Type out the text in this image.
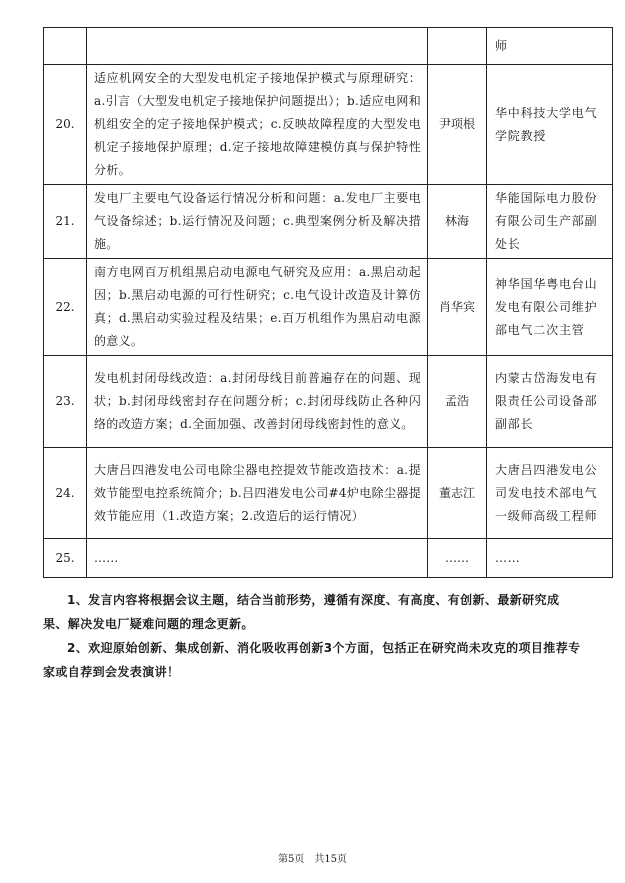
			师
20.	适应机网安全的大型发电机定子接地保护模式与原理研究：a.引言（大型发电机定子接地保护问题提出）；b.适应电网和机组安全的定子接地保护模式；c.反映故障程度的大型发电机定子接地保护原理；d.定子接地故障建模仿真与保护特性分析。	尹项根	华中科技大学电气学院教授
21.	发电厂主要电气设备运行情况分析和问题：a.发电厂主要电气设备综述；b.运行情况及问题；c.典型案例分析及解决措施。	林海	华能国际电力股份有限公司生产部副处长
22.	南方电网百万机组黑启动电源电气研究及应用：a.黑启动起因；b.黑启动电源的可行性研究；c.电气设计改造及计算仿真；d.黑启动实验过程及结果；e.百万机组作为黑启动电源的意义。	肖华宾	神华国华粤电台山发电有限公司维护部电气二次主管
23.	发电机封闭母线改造：a.封闭母线目前普遍存在的问题、现状；b.封闭母线密封存在问题分析；c.封闭母线防止各种闪络的改造方案；d.全面加强、改善封闭母线密封性的意义。	孟浩	内蒙古岱海发电有限责任公司设备部副部长
24.	大唐吕四港发电公司电除尘器电控提效节能改造技术：a.提效节能型电控系统简介；b.吕四港发电公司#4炉电除尘器提效节能应用（1.改造方案；2.改造后的运行情况）	董志江	大唐吕四港发电公司发电技术部电气一级师高级工程师
25.	……	……	……

1、发言内容将根据会议主题，结合当前形势，遵循有深度、有高度、有创新、最新研究成果、解决发电厂疑难问题的理念更新。

2、欢迎原始创新、集成创新、消化吸收再创新3个方面，包括正在研究尚未攻克的项目推荐专家或自荐到会发表演讲！

第5页　共15页
